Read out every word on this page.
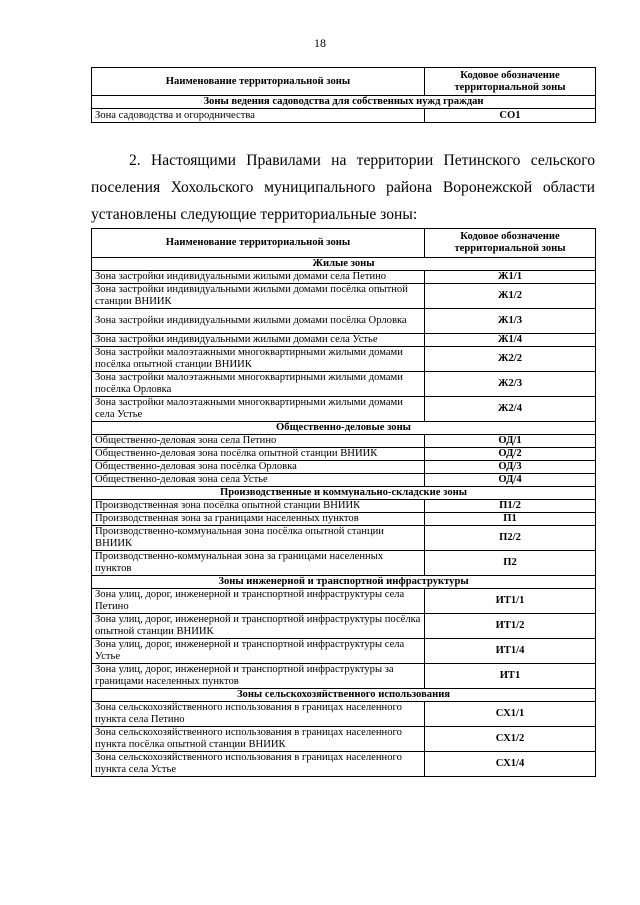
18
Наименование территориальной зоны	Кодовое обозначение территориальной зоны
Зоны ведения садоводства для собственных нужд граждан	
Зона садоводства и огородничества	СО1
2. Настоящими Правилами на территории Петинского сельского
поселения Хохольского муниципального района Воронежской области
установлены следующие территориальные зоны:
Наименование территориальной зоны	Кодовое обозначение территориальной зоны
Жилые зоны	
Зона застройки индивидуальными жилыми домами села Петино	Ж1/1
Зона застройки индивидуальными жилыми домами посёлка опытной станции ВНИИК	Ж1/2
Зона застройки индивидуальными жилыми домами посёлка Орловка	Ж1/3
Зона застройки индивидуальными жилыми домами села Устье	Ж1/4
Зона застройки малоэтажными многоквартирными жилыми домами посёлка опытной станции ВНИИК	Ж2/2
Зона застройки малоэтажными многоквартирными жилыми домами посёлка Орловка	Ж2/3
Зона застройки малоэтажными многоквартирными жилыми домами села Устье	Ж2/4
Общественно-деловые зоны	
Общественно-деловая зона села Петино	ОД/1
Общественно-деловая зона посёлка опытной станции ВНИИК	ОД/2
Общественно-деловая зона посёлка Орловка	ОД/3
Общественно-деловая зона села Устье	ОД/4
Производственные и коммунально-складские зоны	
Производственная зона посёлка опытной станции ВНИИК	П1/2
Производственная зона за границами населенных пунктов	П1
Производственно-коммунальная зона посёлка опытной станции ВНИИК	П2/2
Производственно-коммунальная зона за границами населенных пунктов	П2
Зоны инженерной и транспортной инфраструктуры	
Зона улиц, дорог, инженерной и транспортной инфраструктуры села Петино	ИТ1/1
Зона улиц, дорог, инженерной и транспортной инфраструктуры посёлка опытной станции ВНИИК	ИТ1/2
Зона улиц, дорог, инженерной и транспортной инфраструктуры села Устье	ИТ1/4
Зона улиц, дорог, инженерной и транспортной инфраструктуры за границами населенных пунктов	ИТ1
Зоны сельскохозяйственного использования	
Зона сельскохозяйственного использования в границах населенного пункта села Петино	СХ1/1
Зона сельскохозяйственного использования в границах населенного пункта посёлка опытной станции ВНИИК	СХ1/2
Зона сельскохозяйственного использования в границах населенного пункта села Устье	СХ1/4
